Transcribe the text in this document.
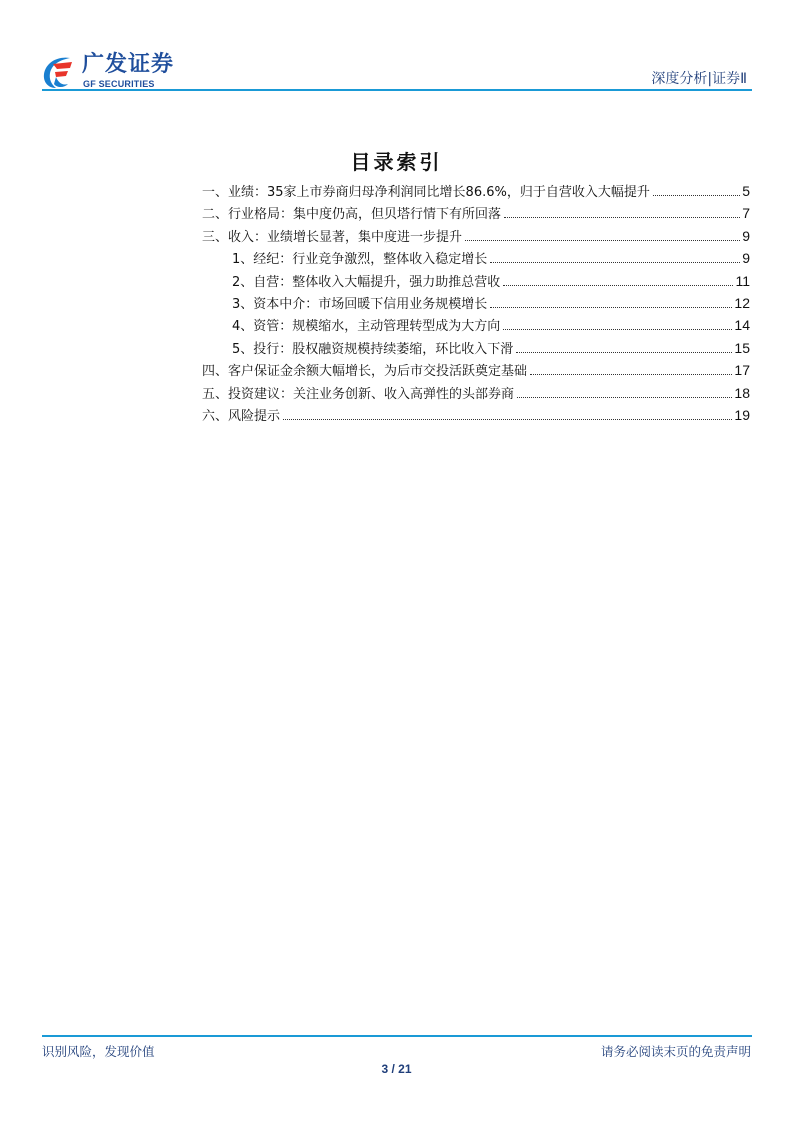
广发证券
GF SECURITIES	深度分析|证券Ⅱ
目录索引
一、业绩：35家上市券商归母净利润同比增长86.6%，归于自营收入大幅提升	5
二、行业格局：集中度仍高，但贝塔行情下有所回落	7
三、收入：业绩增长显著，集中度进一步提升	9
1、经纪：行业竞争激烈，整体收入稳定增长	9
2、自营：整体收入大幅提升，强力助推总营收	11
3、资本中介：市场回暖下信用业务规模增长	12
4、资管：规模缩水，主动管理转型成为大方向	14
5、投行：股权融资规模持续萎缩，环比收入下滑	15
四、客户保证金余额大幅增长，为后市交投活跃奠定基础	17
五、投资建议：关注业务创新、收入高弹性的头部券商	18
六、风险提示	19
识别风险，发现价值	请务必阅读末页的免责声明
3 / 21
